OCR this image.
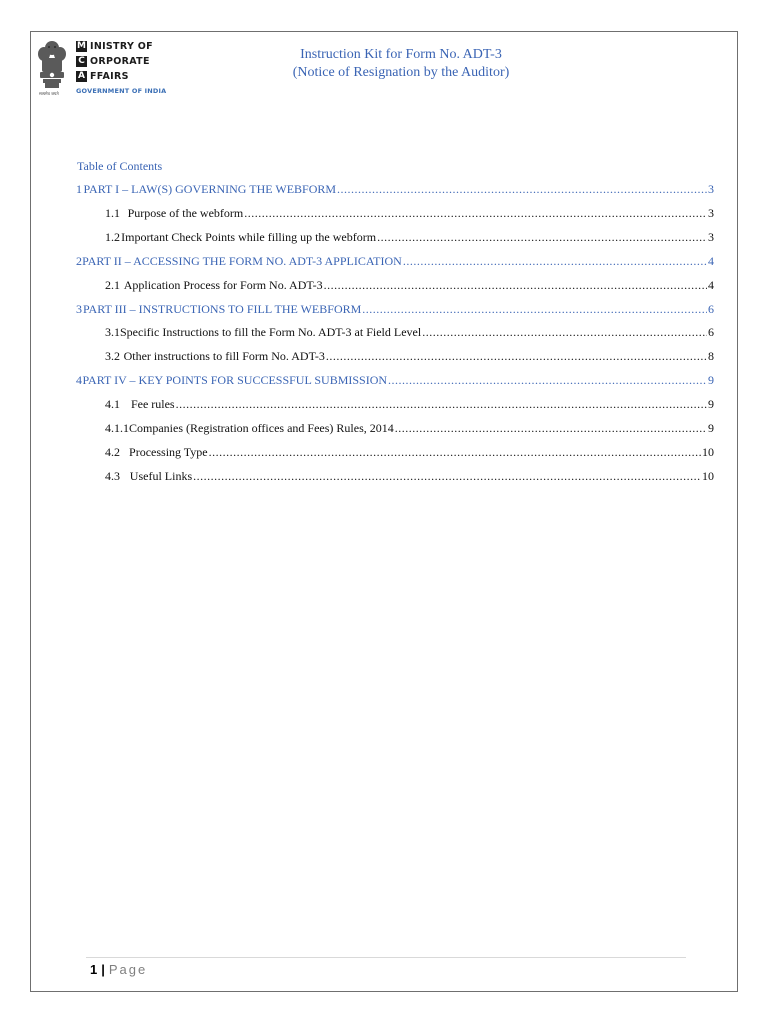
सत्यमेव जयते
M INISTRY OF
C ORPORATE
A FFAIRS
GOVERNMENT OF INDIA
Instruction Kit for Form No. ADT-3
(Notice of Resignation by the Auditor)
Table of Contents
1 PART I – LAW(S) GOVERNING THE WEBFORM .....	3
1.1 Purpose of the webform .....	3
1.2 Important Check Points while filling up the webform .....	3
2 PART II – ACCESSING THE FORM NO. ADT-3 APPLICATION .....	4
2.1 Application Process for Form No. ADT-3 .....	4
3 PART III – INSTRUCTIONS TO FILL THE WEBFORM .....	6
3.1 Specific Instructions to fill the Form No. ADT-3 at Field Level .....	6
3.2 Other instructions to fill Form No. ADT-3 .....	8
4 PART IV – KEY POINTS FOR SUCCESSFUL SUBMISSION .....	9
4.1 Fee rules .....	9
4.1.1 Companies (Registration offices and Fees) Rules, 2014 .....	9
4.2 Processing Type .....	10
4.3 Useful Links .....	10
1 | Page
